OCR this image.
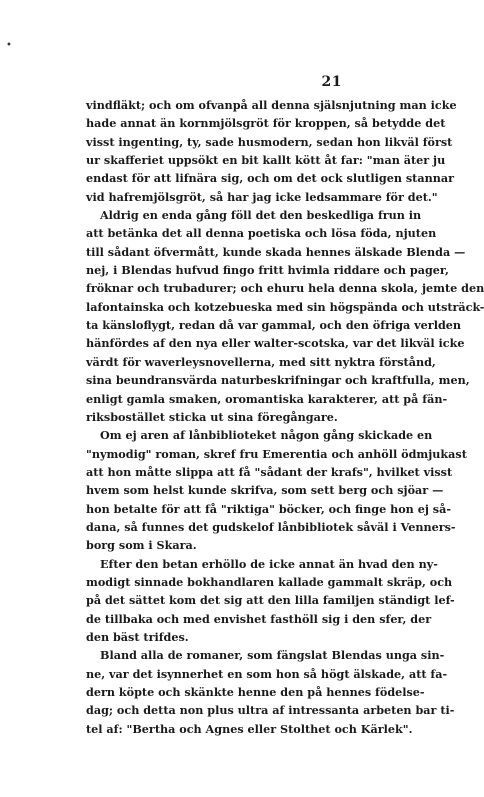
•
21
vindfläkt; och om ofvanpå all denna själsnjutning man icke
hade annat än kornmjölsgröt för kroppen, så betydde det
visst ingenting, ty, sade husmodern, sedan hon likväl först
ur skafferiet uppsökt en bit kallt kött åt far: "man äter ju
endast för att lifnära sig, och om det ock slutligen stannar
vid hafremjölsgröt, så har jag icke ledsammare för det."
Aldrig en enda gång föll det den beskedliga frun in
att betänka det all denna poetiska och lösa föda, njuten
till sådant öfvermått, kunde skada hennes älskade Blenda —
nej, i Blendas hufvud fingo fritt hvimla riddare och pager,
fröknar och trubadurer; och ehuru hela denna skola, jemte den
lafontainska och kotzebueska med sin högspända och utsträck-
ta känsloflygt, redan då var gammal, och den öfriga verlden
hänfördes af den nya eller walter-scotska, var det likväl icke
värdt för waverleysnovellerna, med sitt nyktra förstånd,
sina beundransvärda naturbeskrifningar och kraftfulla, men,
enligt gamla smaken, oromantiska karakterer, att på fän-
riksbostället sticka ut sina föregångare.
Om ej aren af lånbiblioteket någon gång skickade en
"nymodig" roman, skref fru Emerentia och anhöll ödmjukast
att hon måtte slippa att få "sådant der krafs", hvilket visst
hvem som helst kunde skrifva, som sett berg och sjöar —
hon betalte för att få "riktiga" böcker, och finge hon ej så-
dana, så funnes det gudskelof lånbibliotek såväl i Venners-
borg som i Skara.
Efter den betan erhöllo de icke annat än hvad den ny-
modigt sinnade bokhandlaren kallade gammalt skräp, och
på det sättet kom det sig att den lilla familjen ständigt lef-
de tillbaka och med envishet fasthöll sig i den sfer, der
den bäst trifdes.
Bland alla de romaner, som fängslat Blendas unga sin-
ne, var det isynnerhet en som hon så högt älskade, att fa-
dern köpte och skänkte henne den på hennes födelse-
dag; och detta non plus ultra af intressanta arbeten bar ti-
tel af: "Bertha och Agnes eller Stolthet och Kärlek".
